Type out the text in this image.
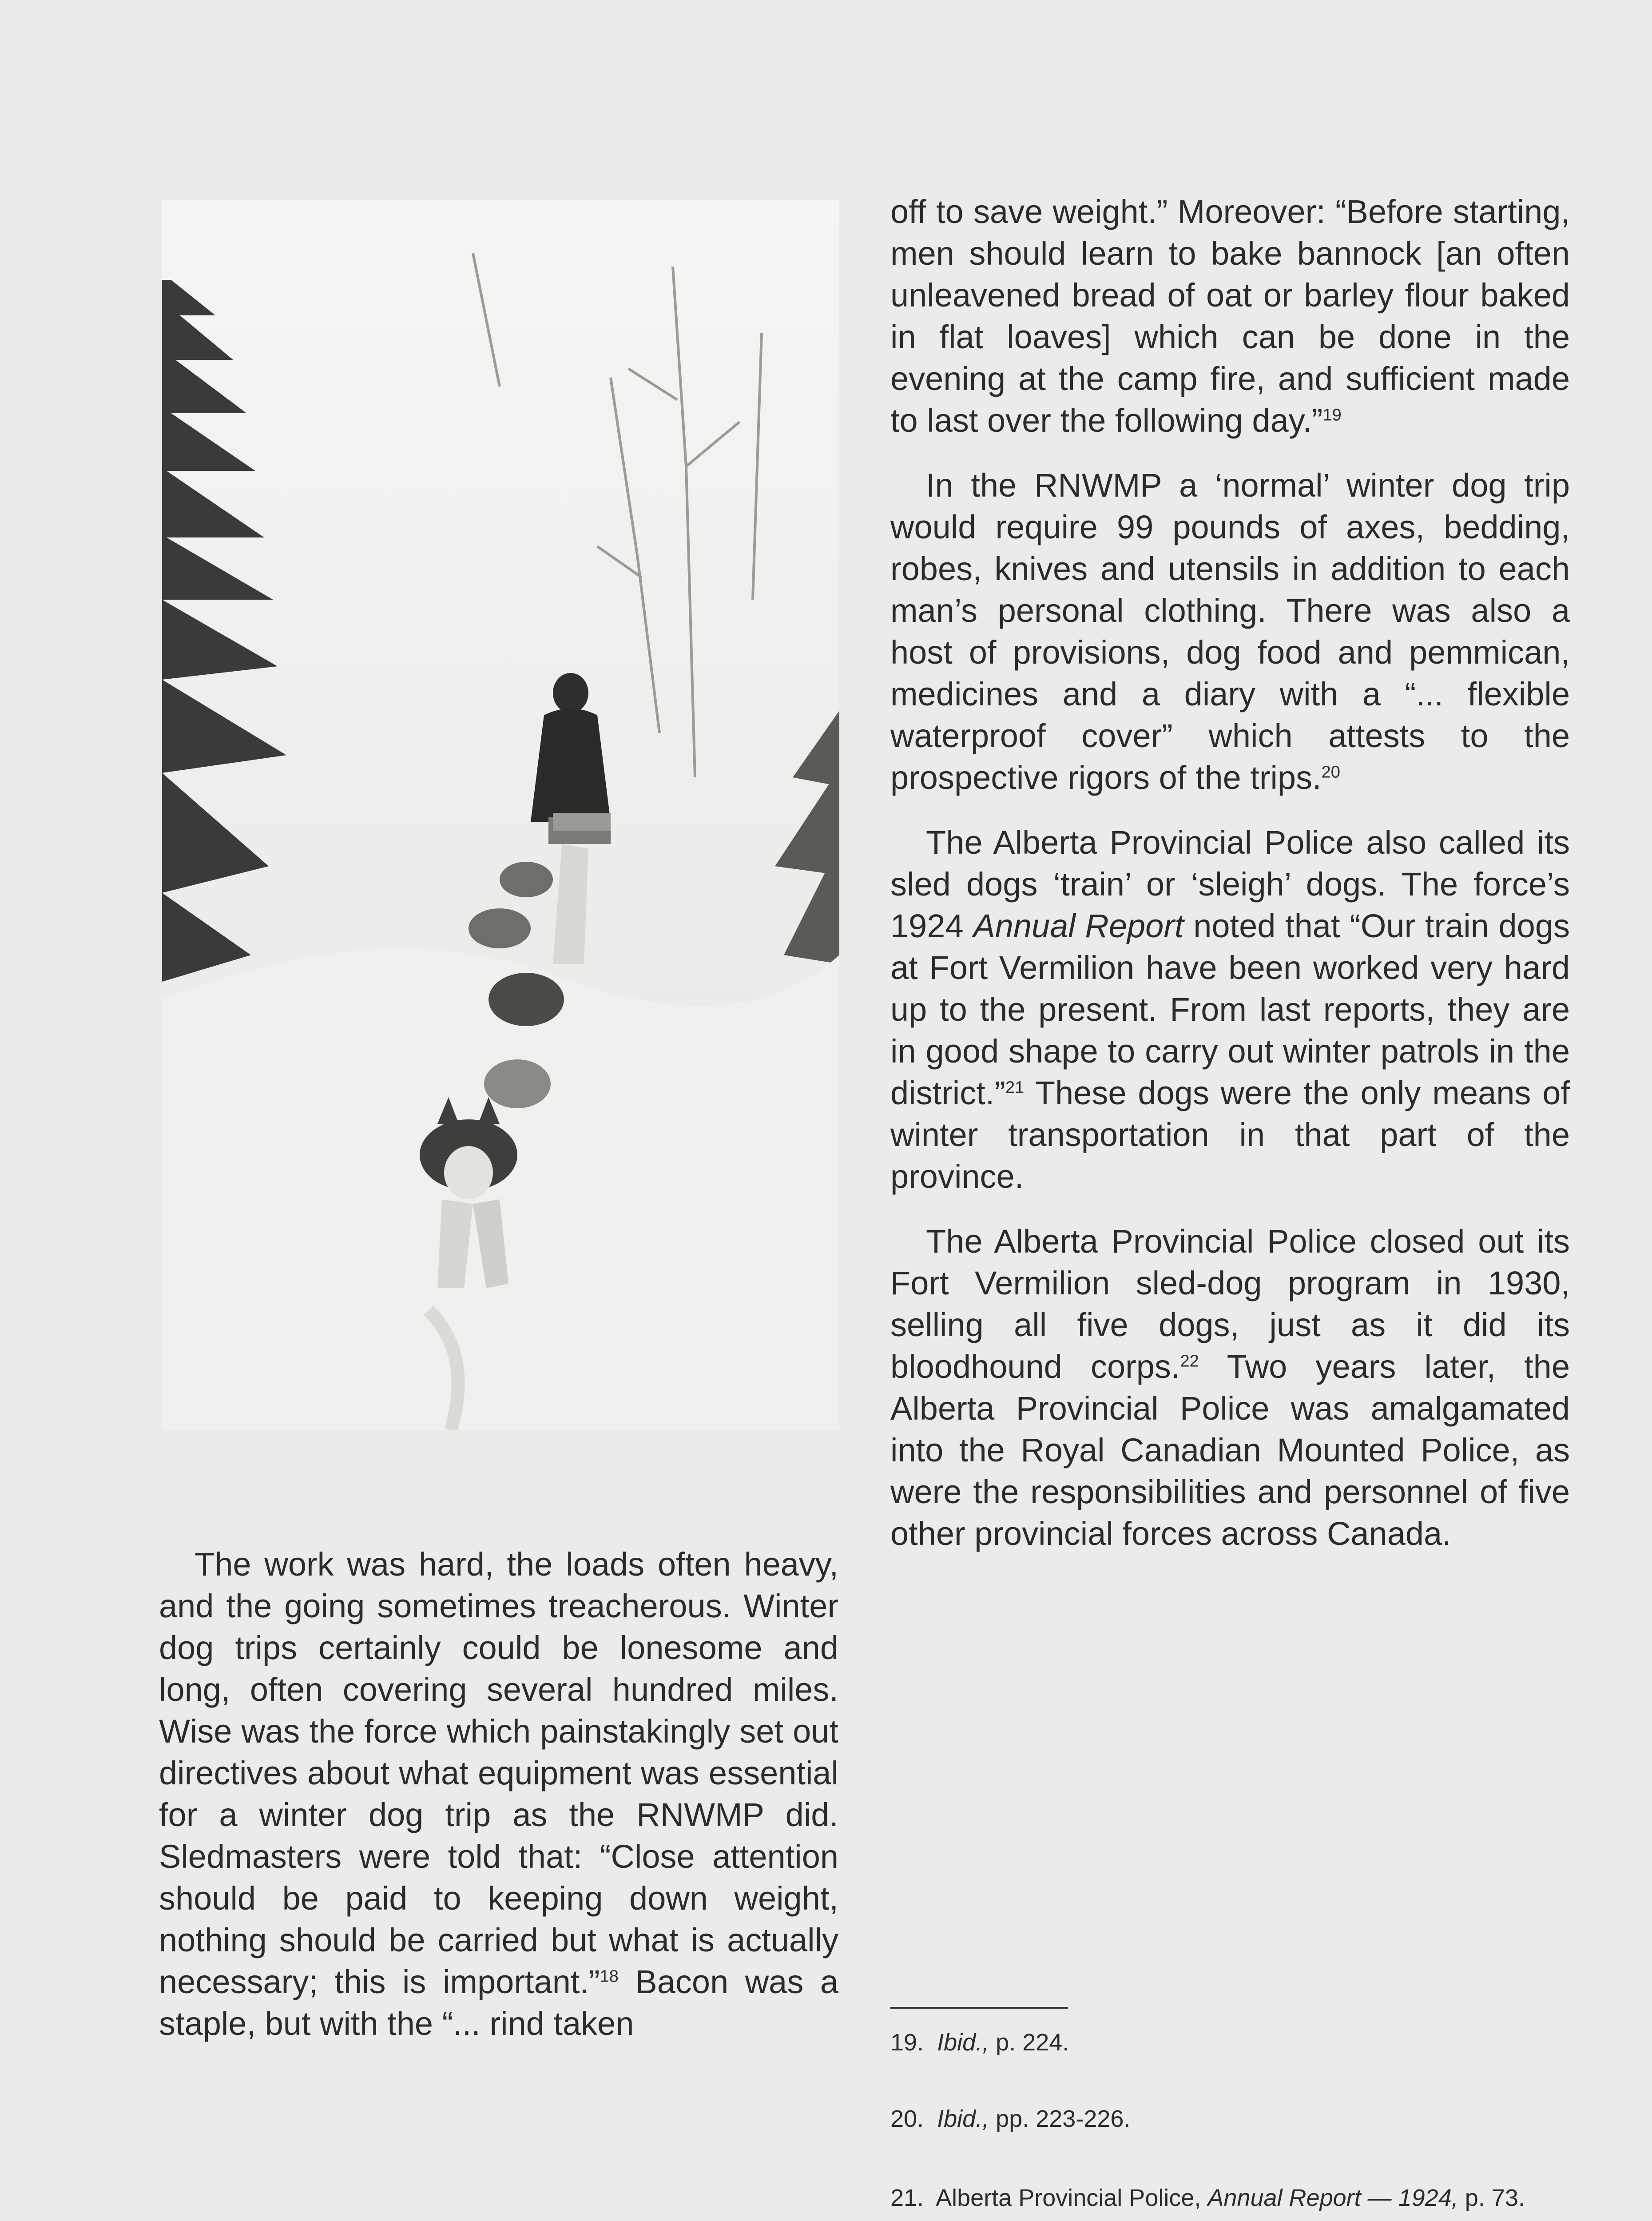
The work was hard, the loads often heavy, and the going sometimes treacherous. Winter dog trips certainly could be lonesome and long, often covering several hundred miles. Wise was the force which painstakingly set out directives about what equipment was essential for a winter dog trip as the RNWMP did. Sledmasters were told that: “Close attention should be paid to keeping down weight, nothing should be carried but what is actually necessary; this is important.”$^{18}$ Bacon was a staple, but with the “... rind taken

off to save weight.” Moreover: “Before starting, men should learn to bake bannock [an often unleavened bread of oat or barley flour baked in flat loaves] which can be done in the evening at the camp fire, and sufficient made to last over the following day.”$^{19}$

In the RNWMP a ‘normal’ winter dog trip would require 99 pounds of axes, bedding, robes, knives and utensils in addition to each man’s personal clothing. There was also a host of provisions, dog food and pemmican, medicines and a diary with a “... flexible waterproof cover” which attests to the prospective rigors of the trips.$^{20}$

The Alberta Provincial Police also called its sled dogs ‘train’ or ‘sleigh’ dogs. The force’s 1924 Annual Report noted that “Our train dogs at Fort Vermilion have been worked very hard up to the present. From last reports, they are in good shape to carry out winter patrols in the district.”$^{21}$ These dogs were the only means of winter transportation in that part of the province.

The Alberta Provincial Police closed out its Fort Vermilion sled-dog program in 1930, selling all five dogs, just as it did its bloodhound corps.$^{22}$ Two years later, the Alberta Provincial Police was amalgamated into the Royal Canadian Mounted Police, as were the responsibilities and personnel of five other provincial forces across Canada.

19. Ibid., p. 224.

20. Ibid., pp. 223-226.

21. Alberta Provincial Police, Annual Report — 1924, p. 73.
